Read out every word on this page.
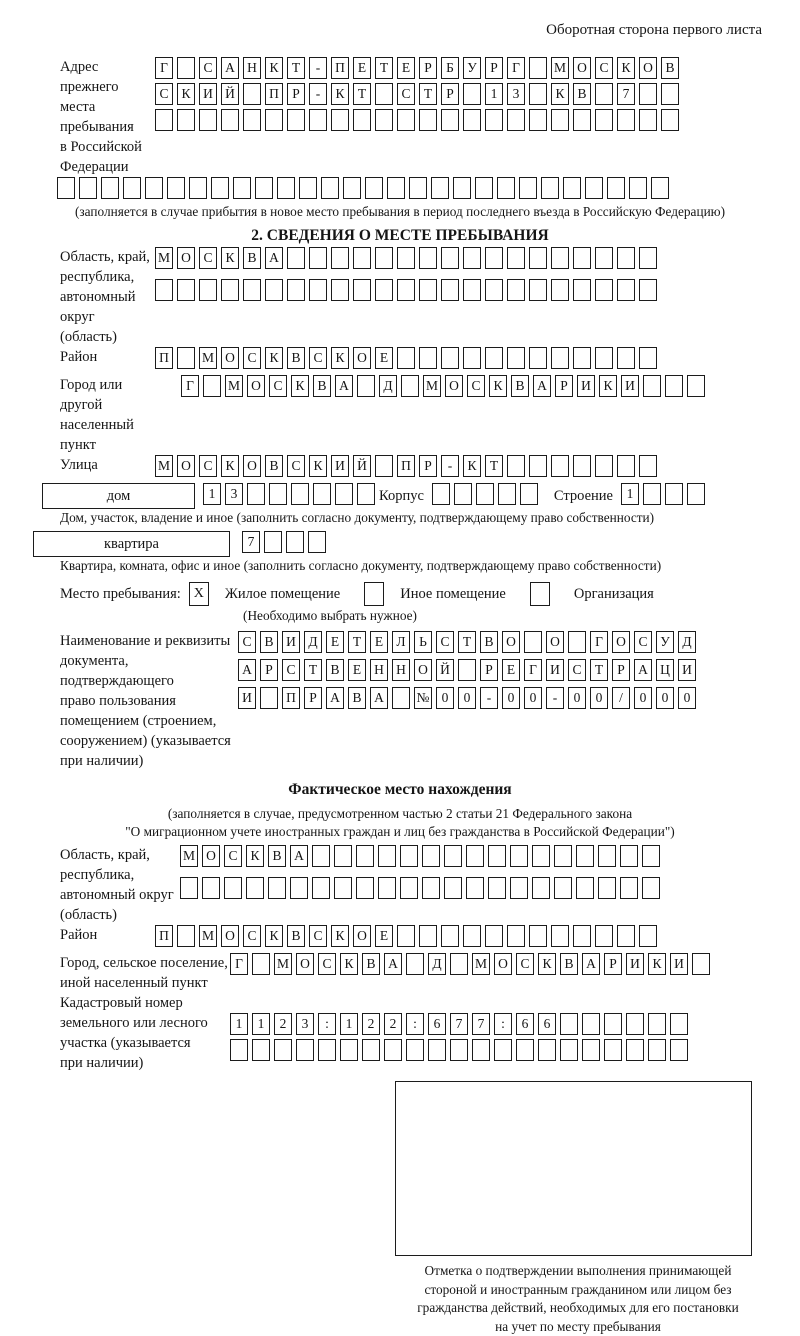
Оборотная сторона первого листа
Адрес прежнего
места пребывания
в Российской
Федерации
Г	С А Н К Т	-	П Е	Т	Е	Р	Б У Р	Г	М О С К О В
С К И Й	П Р	-	К Т	С Т	Р	1	3	К В	7
(заполняется в случае прибытия в новое место пребывания в период последнего въезда в Российскую Федерацию)
2. СВЕДЕНИЯ О МЕСТЕ ПРЕБЫВАНИЯ
Область, край,
республика,
автономный
округ (область)
М О С К В А
Район	П	М О С К В С К О Е
Город или другой
населенный пункт
Г	М О С К В А	Д	М О С К В А Р И К И
Улица	М О С К О В С К И Й	П Р	-	К Т
дом	1	3	Корпус	Строение	1
Дом, участок, владение и иное (заполнить согласно документу, подтверждающему право собственности)
квартира	7
Квартира, комната, офис и иное (заполнить согласно документу, подтверждающему право собственности)
Место пребывания: X	Жилое помещение	Иное помещение	Организация
(Необходимо выбрать нужное)
Наименование и реквизиты
документа, подтверждающего
право пользования
помещением (строением,
сооружением) (указывается
при наличии)
С В И Д Е	Т	Е Л	Ь	С Т В О	О	Г О С У Д
А Р	С Т В Е Н Н О Й	Р	Е	Г И С Т	Р А Ц И
И	П Р А В А	№ 0	0	-	0	0	-	0	0	/	0	0	0
Фактическое место нахождения
(заполняется в случае, предусмотренном частью 2 статьи 21 Федерального закона
"О миграционном учете иностранных граждан и лиц без гражданства в Российской Федерации")
Область, край,
республика,
автономный округ
(область)
М О С К В А
Район	П	М О С К В С К О Е
Город, сельское поселение,
иной населенный пункт
Г	М О С К В А	Д	М О С К В А Р И К И
Кадастровый номер
земельного или лесного
участка (указывается
при наличии)
1	1	2	3	:	1	2	2	:	6	7	7	:	6	6
Отметка о подтверждении выполнения принимающей
стороной и иностранным гражданином или лицом без
гражданства действий, необходимых для его постановки
на учет по месту пребывания
